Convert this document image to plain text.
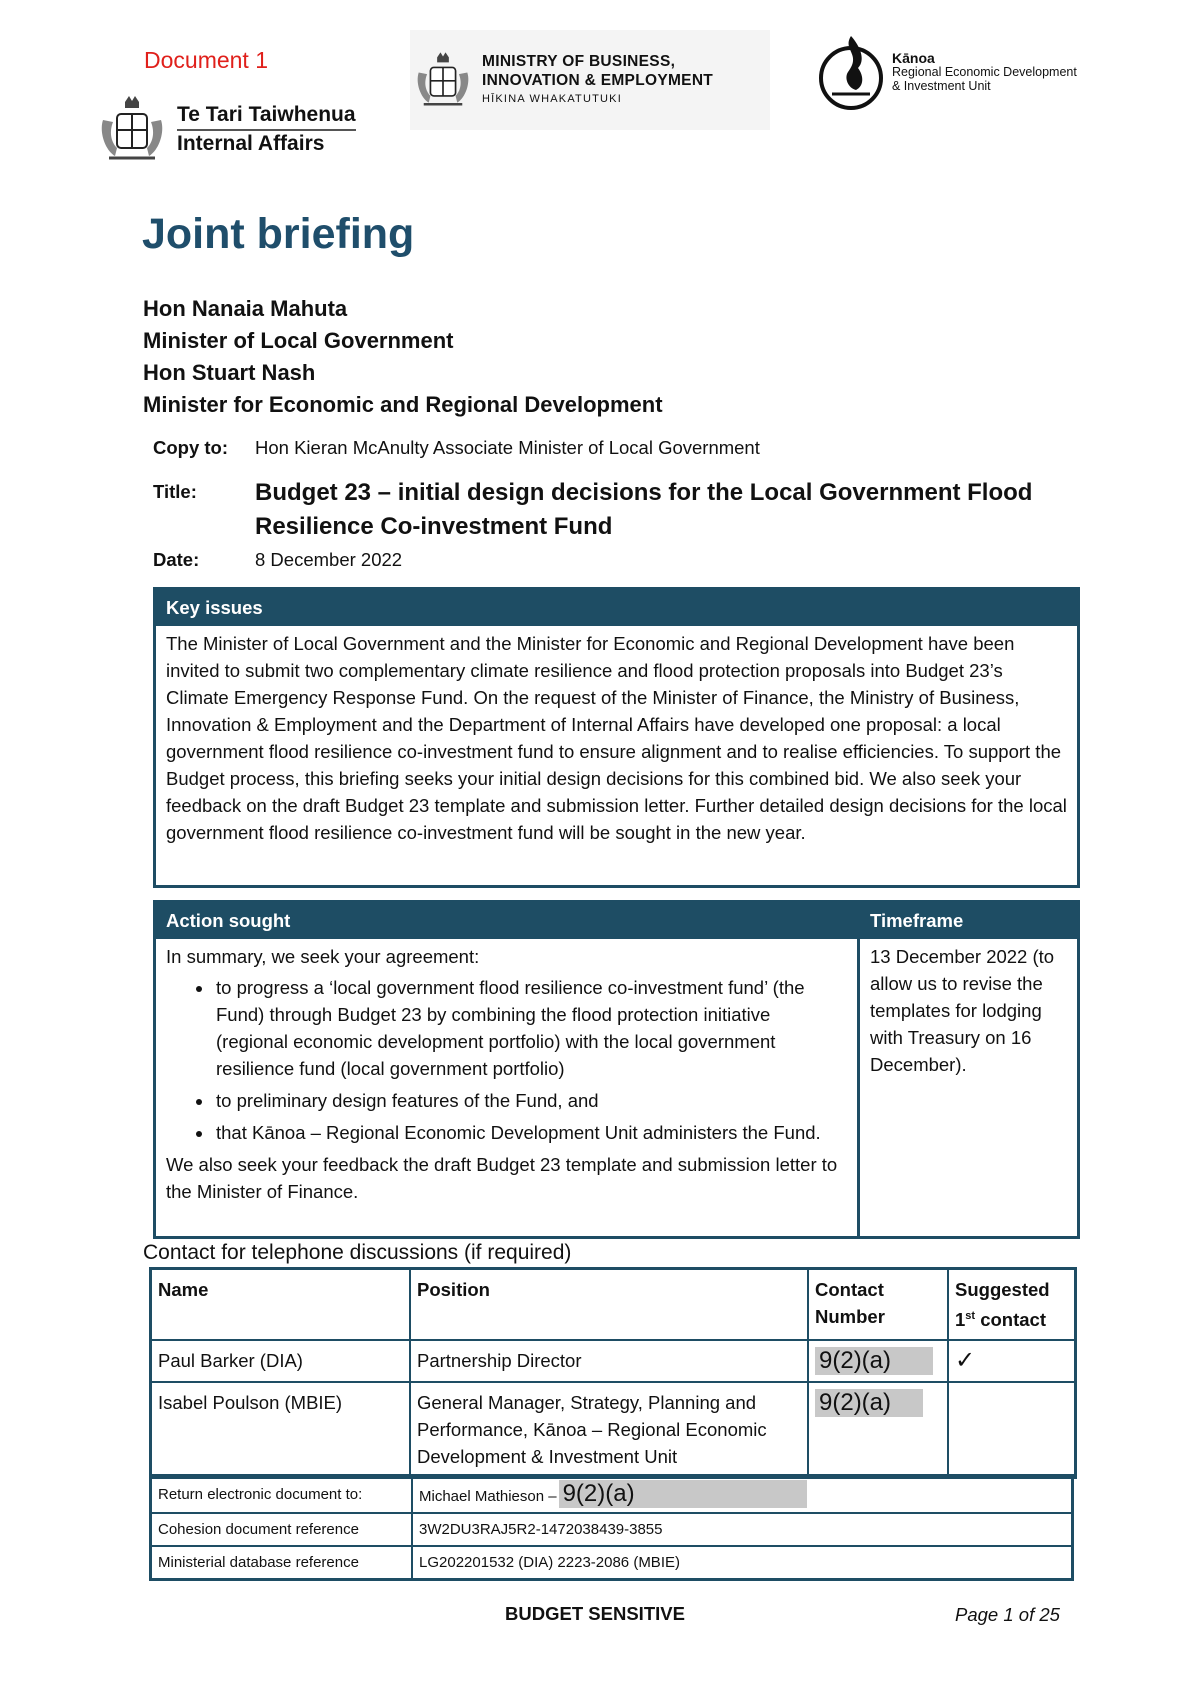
Document 1
Te Tari Taiwhenua
Internal Affairs
MINISTRY OF BUSINESS,
INNOVATION & EMPLOYMENT
HĪKINA WHAKATUTUKI
Kānoa
Regional Economic Development
& Investment Unit
Joint briefing
Hon Nanaia Mahuta
Minister of Local Government
Hon Stuart Nash
Minister for Economic and Regional Development
Copy to: Hon Kieran McAnulty Associate Minister of Local Government
Title: Budget 23 – initial design decisions for the Local Government Flood
Resilience Co-investment Fund
Date:	8 December 2022
Key issues
The Minister of Local Government and the Minister for Economic and Regional Development have been invited to submit two complementary climate resilience and flood protection proposals into Budget 23’s Climate Emergency Response Fund. On the request of the Minister of Finance, the Ministry of Business, Innovation & Employment and the Department of Internal Affairs have developed one proposal: a local government flood resilience co-investment fund to ensure alignment and to realise efficiencies. To support the Budget process, this briefing seeks your initial design decisions for this combined bid. We also seek your feedback on the draft Budget 23 template and submission letter. Further detailed design decisions for the local government flood resilience co-investment fund will be sought in the new year.
Action sought
In summary, we seek your agreement:
• to progress a ‘local government flood resilience co-investment fund’ (the Fund) through Budget 23 by combining the flood protection initiative (regional economic development portfolio) with the local government resilience fund (local government portfolio)
• to preliminary design features of the Fund, and
• that Kānoa – Regional Economic Development Unit administers the Fund.
We also seek your feedback the draft Budget 23 template and submission letter to the Minister of Finance.
Timeframe
13 December 2022 (to allow us to revise the templates for lodging with Treasury on 16 December).
Contact for telephone discussions (if required)
Name	Position	Contact Number	Suggested
1st contact

Paul Barker (DIA)	Partnership Director	9(2)(a)	✓
Isabel Poulson (MBIE)	General Manager, Strategy, Planning and Performance, Kānoa – Regional Economic Development & Investment Unit	9(2)(a)	
Return electronic document to:	Michael Mathieson – 9(2)(a)
Cohesion document reference	3W2DU3RAJ5R2-1472038439-3855
Ministerial database reference	LG202201532 (DIA) 2223-2086 (MBIE)
BUDGET SENSITIVE	Page 1 of 25
